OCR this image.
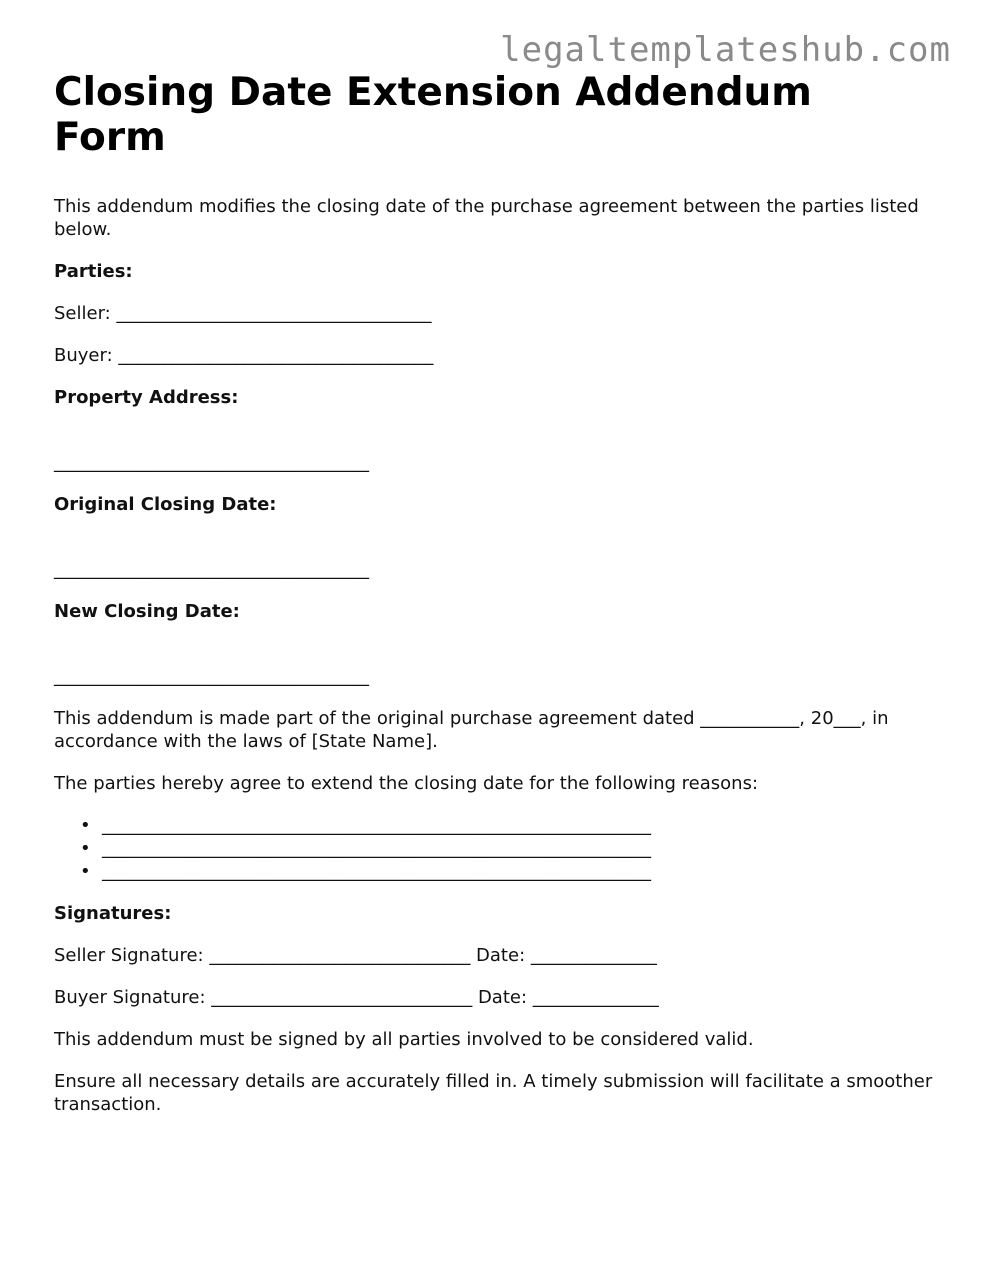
legaltemplateshub.com
Closing Date Extension Addendum Form

This addendum modifies the closing date of the purchase agreement between the parties listed below.

Parties:

Seller: ___________________________________

Buyer: ___________________________________

Property Address:

___________________________________

Original Closing Date:

___________________________________

New Closing Date:

___________________________________

This addendum is made part of the original purchase agreement dated ___________, 20___, in accordance with the laws of [State Name].

The parties hereby agree to extend the closing date for the following reasons:

• _____________________________________________________________
• _____________________________________________________________
• _____________________________________________________________

Signatures:

Seller Signature: _____________________________ Date: ______________

Buyer Signature: _____________________________ Date: ______________

This addendum must be signed by all parties involved to be considered valid.

Ensure all necessary details are accurately filled in. A timely submission will facilitate a smoother transaction.
